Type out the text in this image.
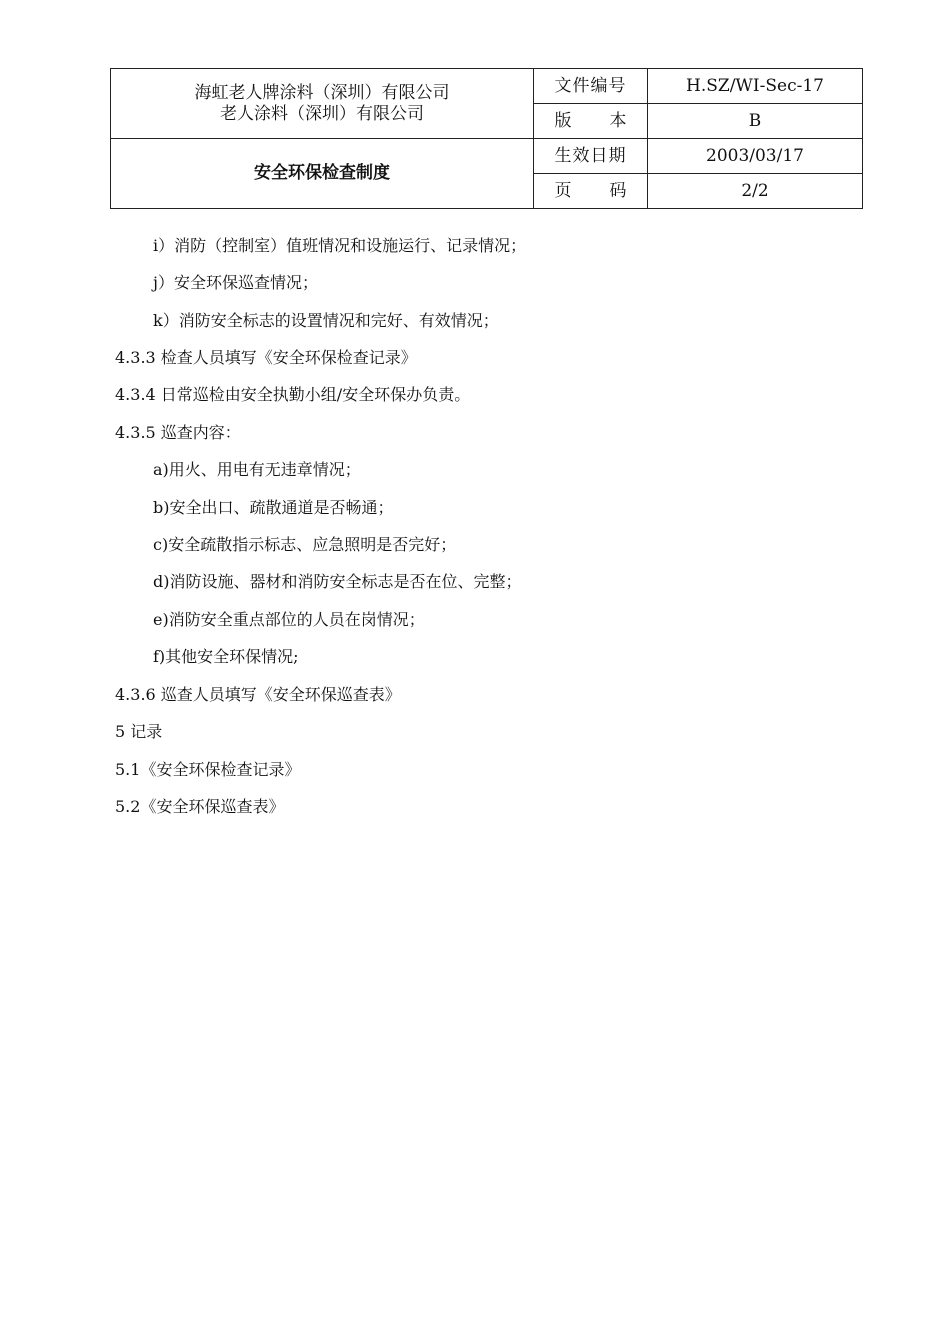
海虹老人牌涂料（深圳）有限公司
老人涂料（深圳）有限公司	文件编号	H.SZ/WI-Sec-17
	版 本	B
安全环保检查制度	生效日期	2003/03/17
	页 码	2/2
i）消防（控制室）值班情况和设施运行、记录情况；
j）安全环保巡查情况；
k）消防安全标志的设置情况和完好、有效情况；
4.3.3 检查人员填写《安全环保检查记录》
4.3.4 日常巡检由安全执勤小组/安全环保办负责。
4.3.5 巡查内容：
a)用火、用电有无违章情况；
b)安全出口、疏散通道是否畅通；
c)安全疏散指示标志、应急照明是否完好；
d)消防设施、器材和消防安全标志是否在位、完整；
e)消防安全重点部位的人员在岗情况；
f)其他安全环保情况;
4.3.6 巡查人员填写《安全环保巡查表》
5 记录
5.1《安全环保检查记录》
5.2《安全环保巡查表》
